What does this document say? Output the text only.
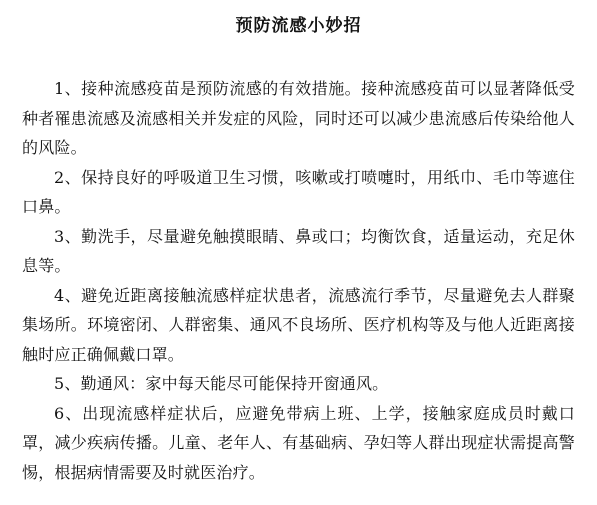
预防流感小妙招

1、接种流感疫苗是预防流感的有效措施。接种流感疫苗可以显著降低受种者罹患流感及流感相关并发症的风险，同时还可以减少患流感后传染给他人的风险。

2、保持良好的呼吸道卫生习惯，咳嗽或打喷嚏时，用纸巾、毛巾等遮住口鼻。

3、勤洗手，尽量避免触摸眼睛、鼻或口；均衡饮食，适量运动，充足休息等。

4、避免近距离接触流感样症状患者，流感流行季节，尽量避免去人群聚集场所。环境密闭、人群密集、通风不良场所、医疗机构等及与他人近距离接触时应正确佩戴口罩。

5、勤通风：家中每天能尽可能保持开窗通风。

6、出现流感样症状后，应避免带病上班、上学，接触家庭成员时戴口罩，减少疾病传播。儿童、老年人、有基础病、孕妇等人群出现症状需提高警惕，根据病情需要及时就医治疗。
